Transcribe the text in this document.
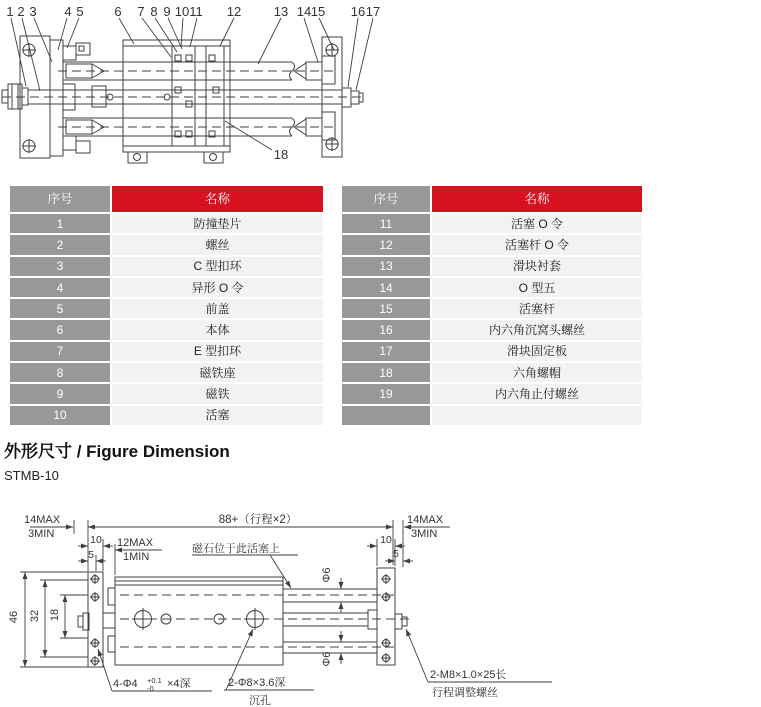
1 2 3 4 5 6 7 8 9 10 11 12	13 14 15 16 17
18
序号	名称
1	防撞垫片
2	螺丝
3	C 型扣环
4	异形 O 令
5	前盖
6	本体
7	E 型扣环
8	磁铁座
9	磁铁
10	活塞
序号	名称
11	活塞 O 令
12	活塞杆 O 令
13	滑块衬套
14	O 型五
15	活塞杆
16	内六角沉窝头螺丝
17	滑块固定板
18	六角螺帽
19	内六角止付螺丝
外形尺寸 / Figure Dimension
STMB-10
14MAX
3MIN
88+（行程×2）	14MAX
3MIN
10
5
12MAX
1MIN
磁石位于此活塞上
10
5
46 32 18
Φ6
Φ6
4-Φ4 +0.1
-0 ×4深	2-Φ8×3.6深
沉孔
2-M8×1.0×25长
行程调整螺丝
